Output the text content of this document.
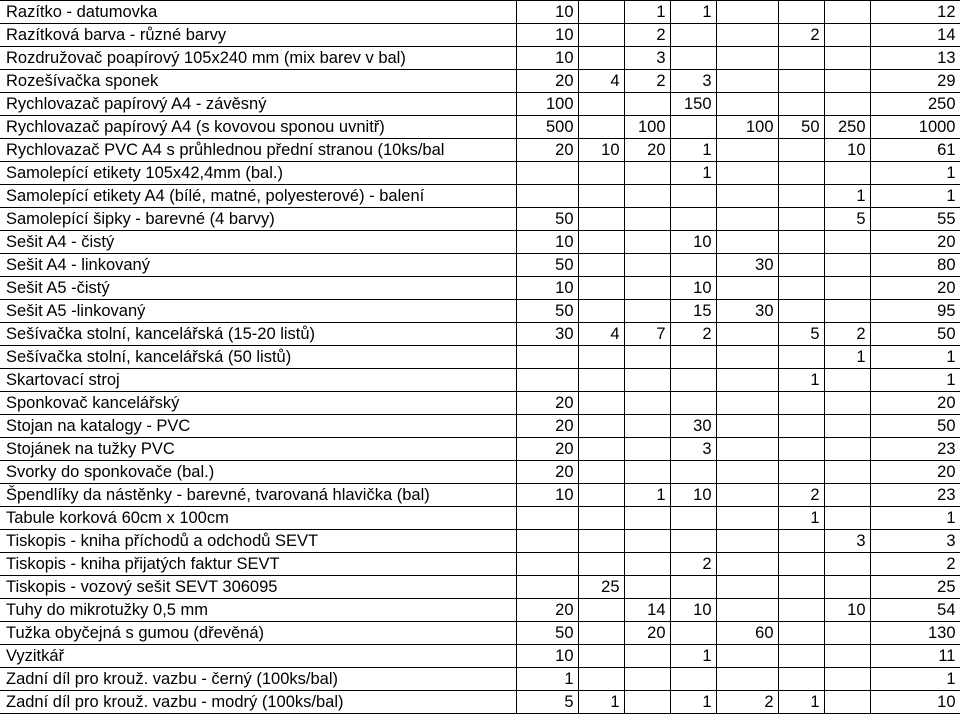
Razítko - datumovka	10		1	1				12
Razítková barva - různé barvy	10		2			2		14
Rozdružovač poapírový 105x240 mm (mix barev v bal)	10		3					13
Rozešívačka sponek	20	4	2	3				29
Rychlovazač papírový A4 - závěsný	100			150				250
Rychlovazač papírový A4 (s kovovou sponou uvnitř)	500		100		100	50	250	1000
Rychlovazač PVC A4 s průhlednou přední stranou (10ks/bal	20	10	20	1			10	61
Samolepící etikety 105x42,4mm (bal.)				1				1
Samolepící etikety A4 (bílé, matné, polyesterové) - balení							1	1
Samolepící šipky - barevné (4 barvy)	50						5	55
Sešit A4 - čistý	10			10				20
Sešit A4 - linkovaný	50				30			80
Sešit A5 -čistý	10			10				20
Sešit A5 -linkovaný	50			15	30			95
Sešívačka stolní, kancelářská (15-20 listů)	30	4	7	2		5	2	50
Sešívačka stolní, kancelářská (50 listů)							1	1
Skartovací stroj						1		1
Sponkovač kancelářský	20							20
Stojan na katalogy - PVC	20			30				50
Stojánek na tužky PVC	20			3				23
Svorky do sponkovače (bal.)	20							20
Špendlíky da nástěnky - barevné, tvarovaná hlavička (bal)	10		1	10		2		23
Tabule korková 60cm x 100cm						1		1
Tiskopis - kniha příchodů a odchodů SEVT							3	3
Tiskopis - kniha přijatých faktur SEVT				2				2
Tiskopis - vozový sešit SEVT 306095		25						25
Tuhy do mikrotužky 0,5 mm	20		14	10			10	54
Tužka obyčejná s gumou (dřevěná)	50		20		60			130
Vyzitkář	10			1				11
Zadní díl pro krouž. vazbu - černý (100ks/bal)	1							1
Zadní díl pro krouž. vazbu - modrý (100ks/bal)	5	1		1	2	1		10
